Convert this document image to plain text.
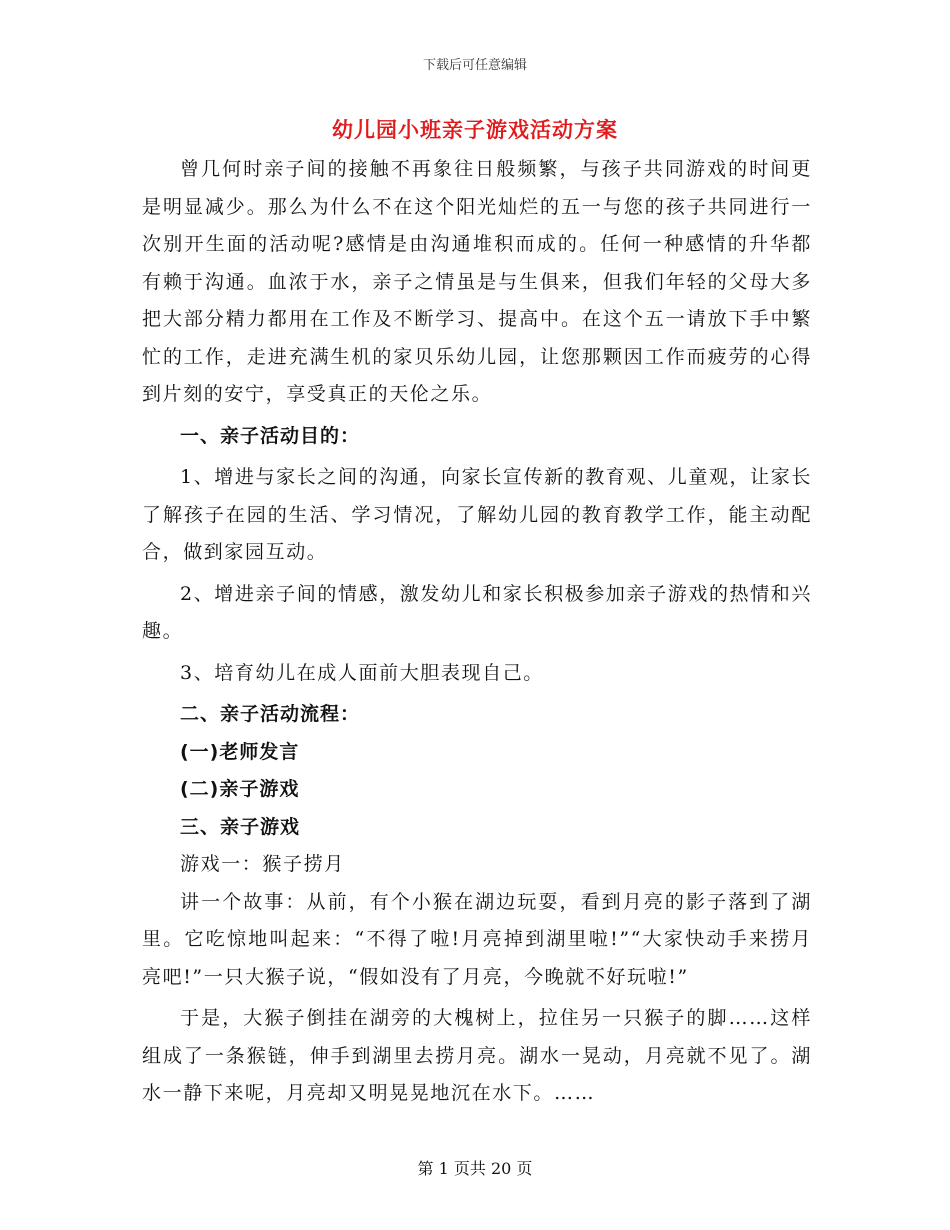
下载后可任意编辑
幼儿园小班亲子游戏活动方案

曾几何时亲子间的接触不再象往日般频繁，与孩子共同游戏的时间更是明显减少。那么为什么不在这个阳光灿烂的五一与您的孩子共同进行一次别开生面的活动呢?感情是由沟通堆积而成的。任何一种感情的升华都有赖于沟通。血浓于水，亲子之情虽是与生俱来，但我们年轻的父母大多把大部分精力都用在工作及不断学习、提高中。在这个五一请放下手中繁忙的工作，走进充满生机的家贝乐幼儿园，让您那颗因工作而疲劳的心得到片刻的安宁，享受真正的天伦之乐。

一、亲子活动目的：

1、增进与家长之间的沟通，向家长宣传新的教育观、儿童观，让家长了解孩子在园的生活、学习情况，了解幼儿园的教育教学工作，能主动配合，做到家园互动。

2、增进亲子间的情感，激发幼儿和家长积极参加亲子游戏的热情和兴趣。

3、培育幼儿在成人面前大胆表现自己。

二、亲子活动流程：

(一)老师发言

(二)亲子游戏

三、亲子游戏

游戏一：猴子捞月

讲一个故事：从前，有个小猴在湖边玩耍，看到月亮的影子落到了湖里。它吃惊地叫起来：“不得了啦!月亮掉到湖里啦!”“大家快动手来捞月亮吧!”一只大猴子说，“假如没有了月亮，今晚就不好玩啦!”

于是，大猴子倒挂在湖旁的大槐树上，拉住另一只猴子的脚……这样组成了一条猴链，伸手到湖里去捞月亮。湖水一晃动，月亮就不见了。湖水一静下来呢，月亮却又明晃晃地沉在水下。……

第 1 页共 20 页
